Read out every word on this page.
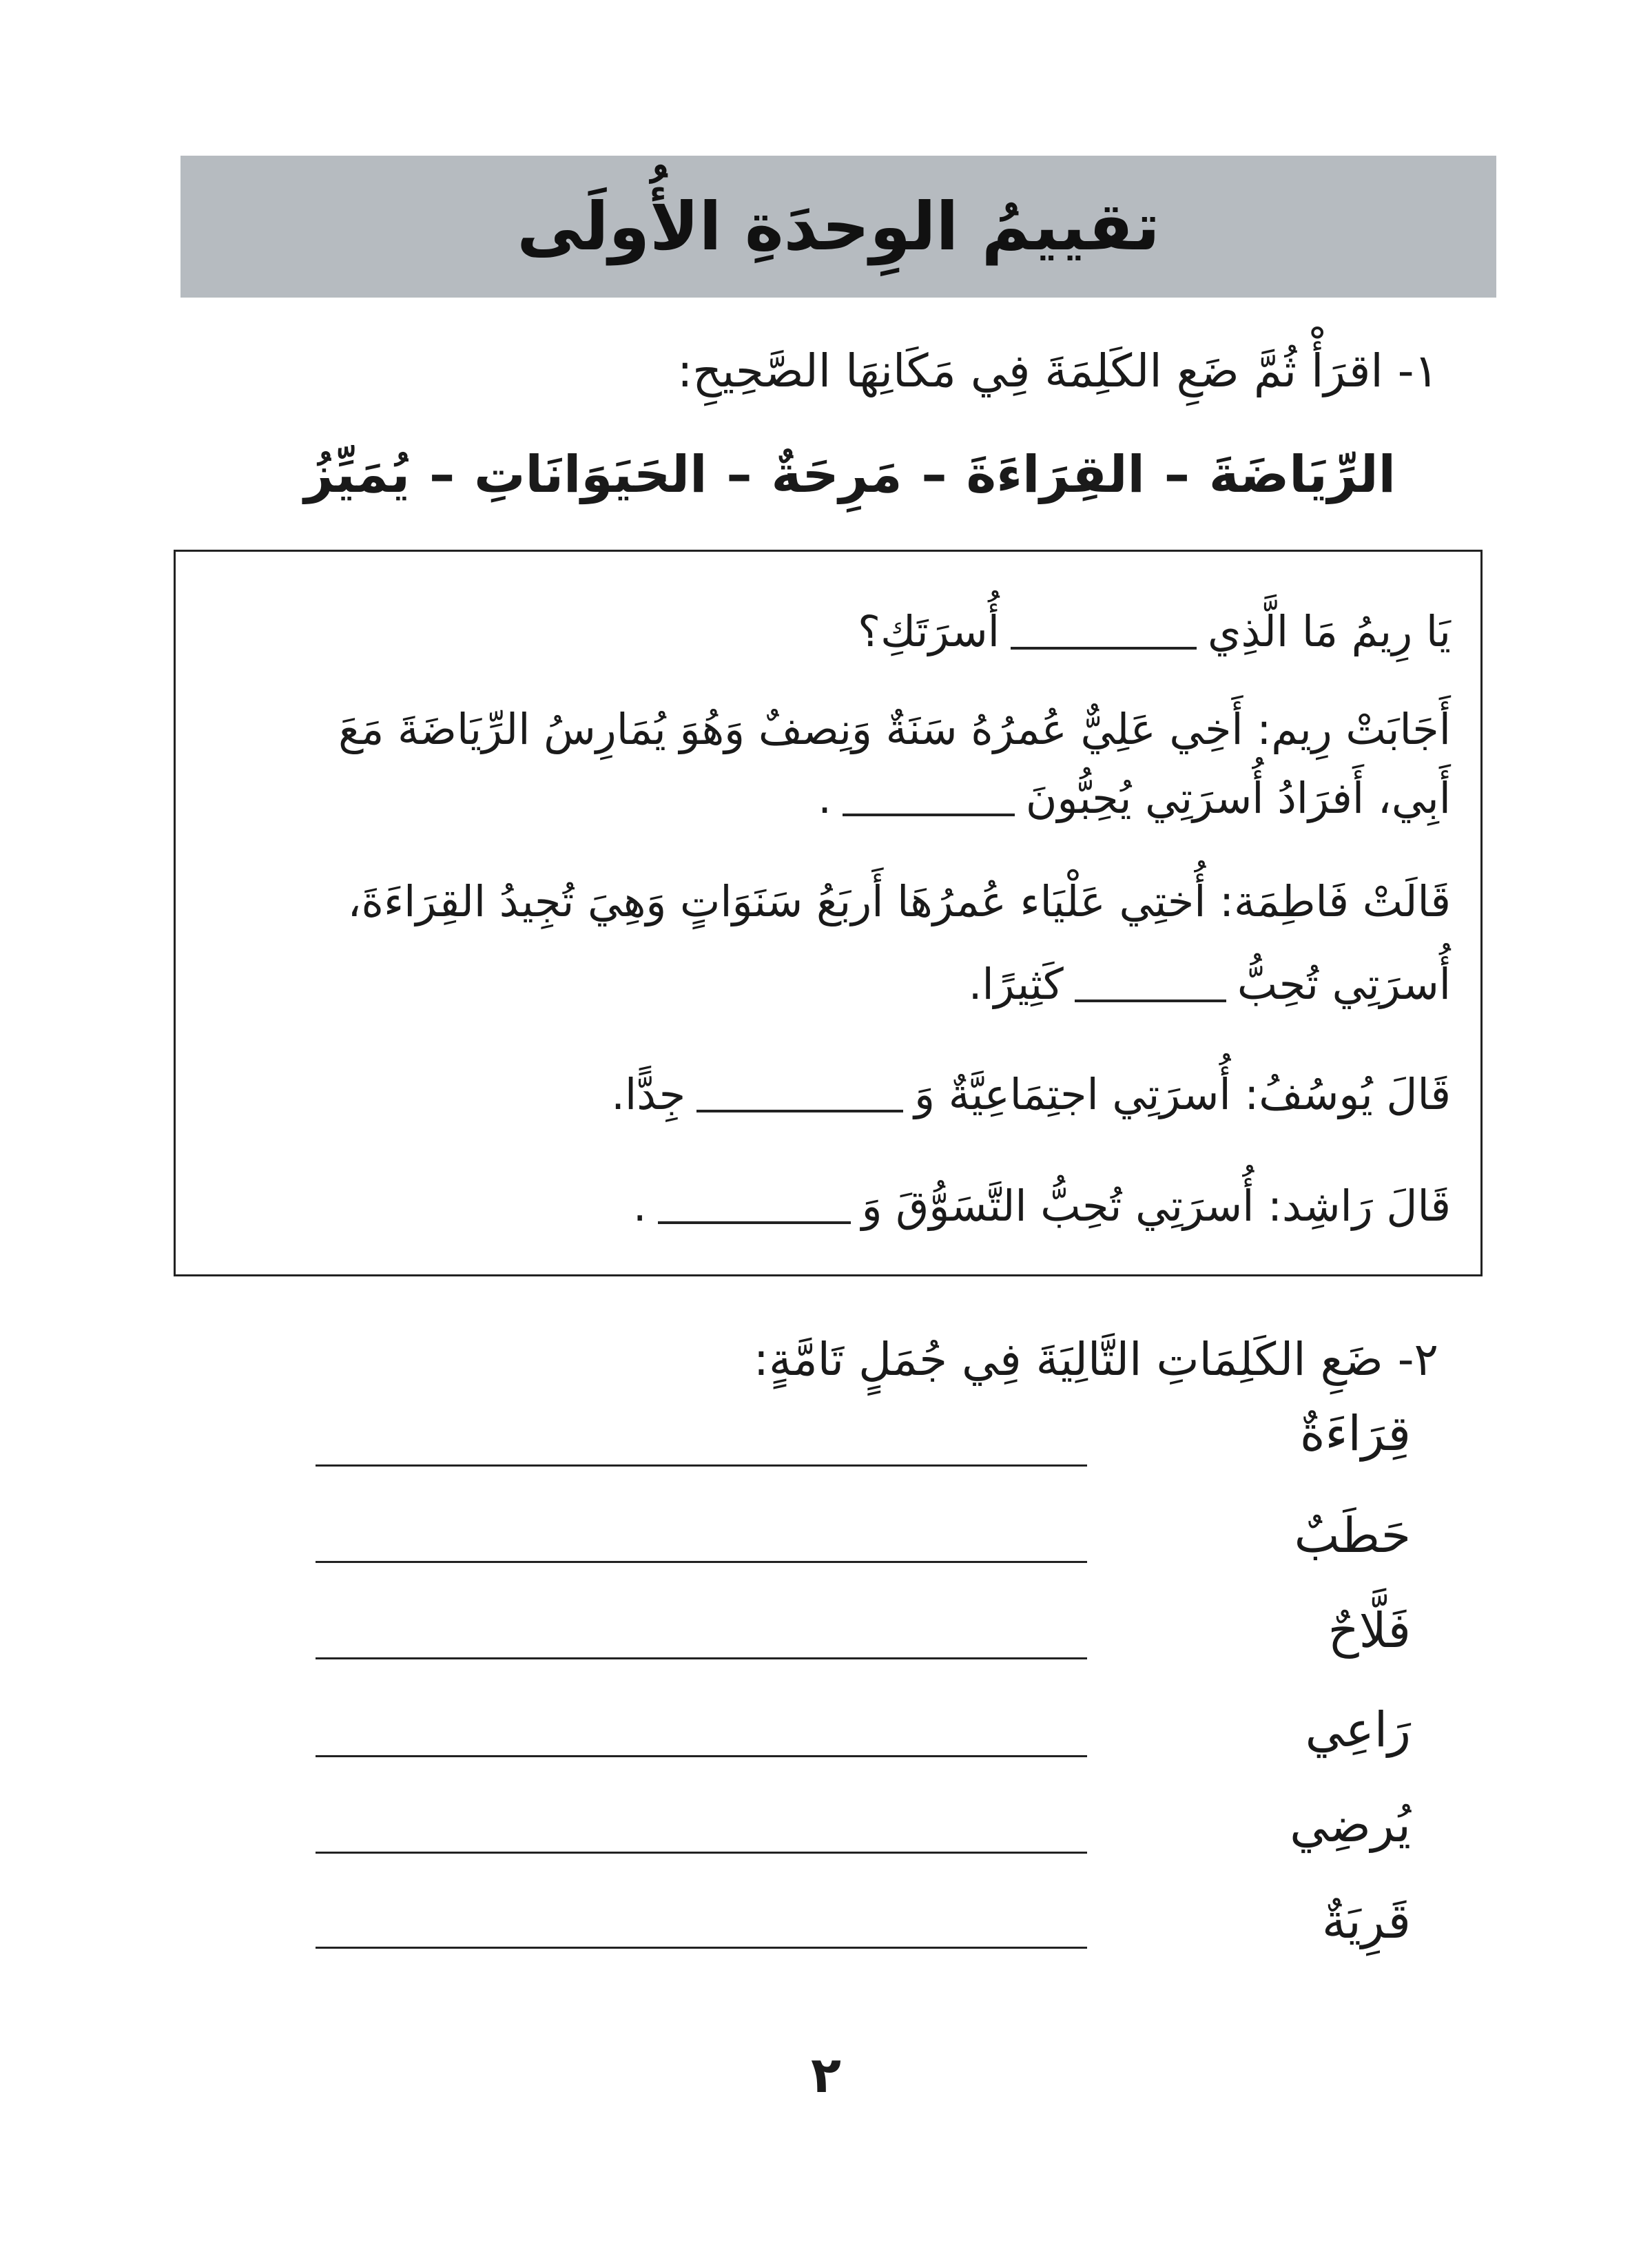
تقييمُ الوِحدَةِ الأُولَى
١- اقرَأْ ثُمَّ ضَعِ الكَلِمَةَ فِي مَكَانِهَا الصَّحِيحِ:
الرِّيَاضَةَ
–
القِرَاءَةَ
–
مَرِحَةٌ
–
الحَيَوَانَاتِ
–
يُمَيِّزُ
يَا رِيمُ مَا الَّذِي
أُسرَتَكِ؟
أَجَابَتْ رِيم: أَخِي عَلِيٌّ عُمرُهُ سَنَةٌ وَنِصفٌ وَهُوَ يُمَارِسُ الرِّيَاضَةَ مَعَ
أَبِي، أَفرَادُ أُسرَتِي يُحِبُّونَ
.
قَالَتْ فَاطِمَة: أُختِي عَلْيَاء عُمرُهَا أَربَعُ سَنَوَاتٍ وَهِيَ تُجِيدُ القِرَاءَةَ،
أُسرَتِي تُحِبُّ
كَثِيرًا.
قَالَ يُوسُفُ: أُسرَتِي اجتِمَاعِيَّةٌ وَ
جِدًّا.
قَالَ رَاشِد: أُسرَتِي تُحِبُّ التَّسَوُّقَ وَ
.
٢- ضَعِ الكَلِمَاتِ التَّالِيَةَ فِي جُمَلٍ تَامَّةٍ:
قِرَاءَةٌ
حَطَبٌ
فَلَّاحٌ
رَاعِي
يُرضِي
قَرِيَةٌ
٢
